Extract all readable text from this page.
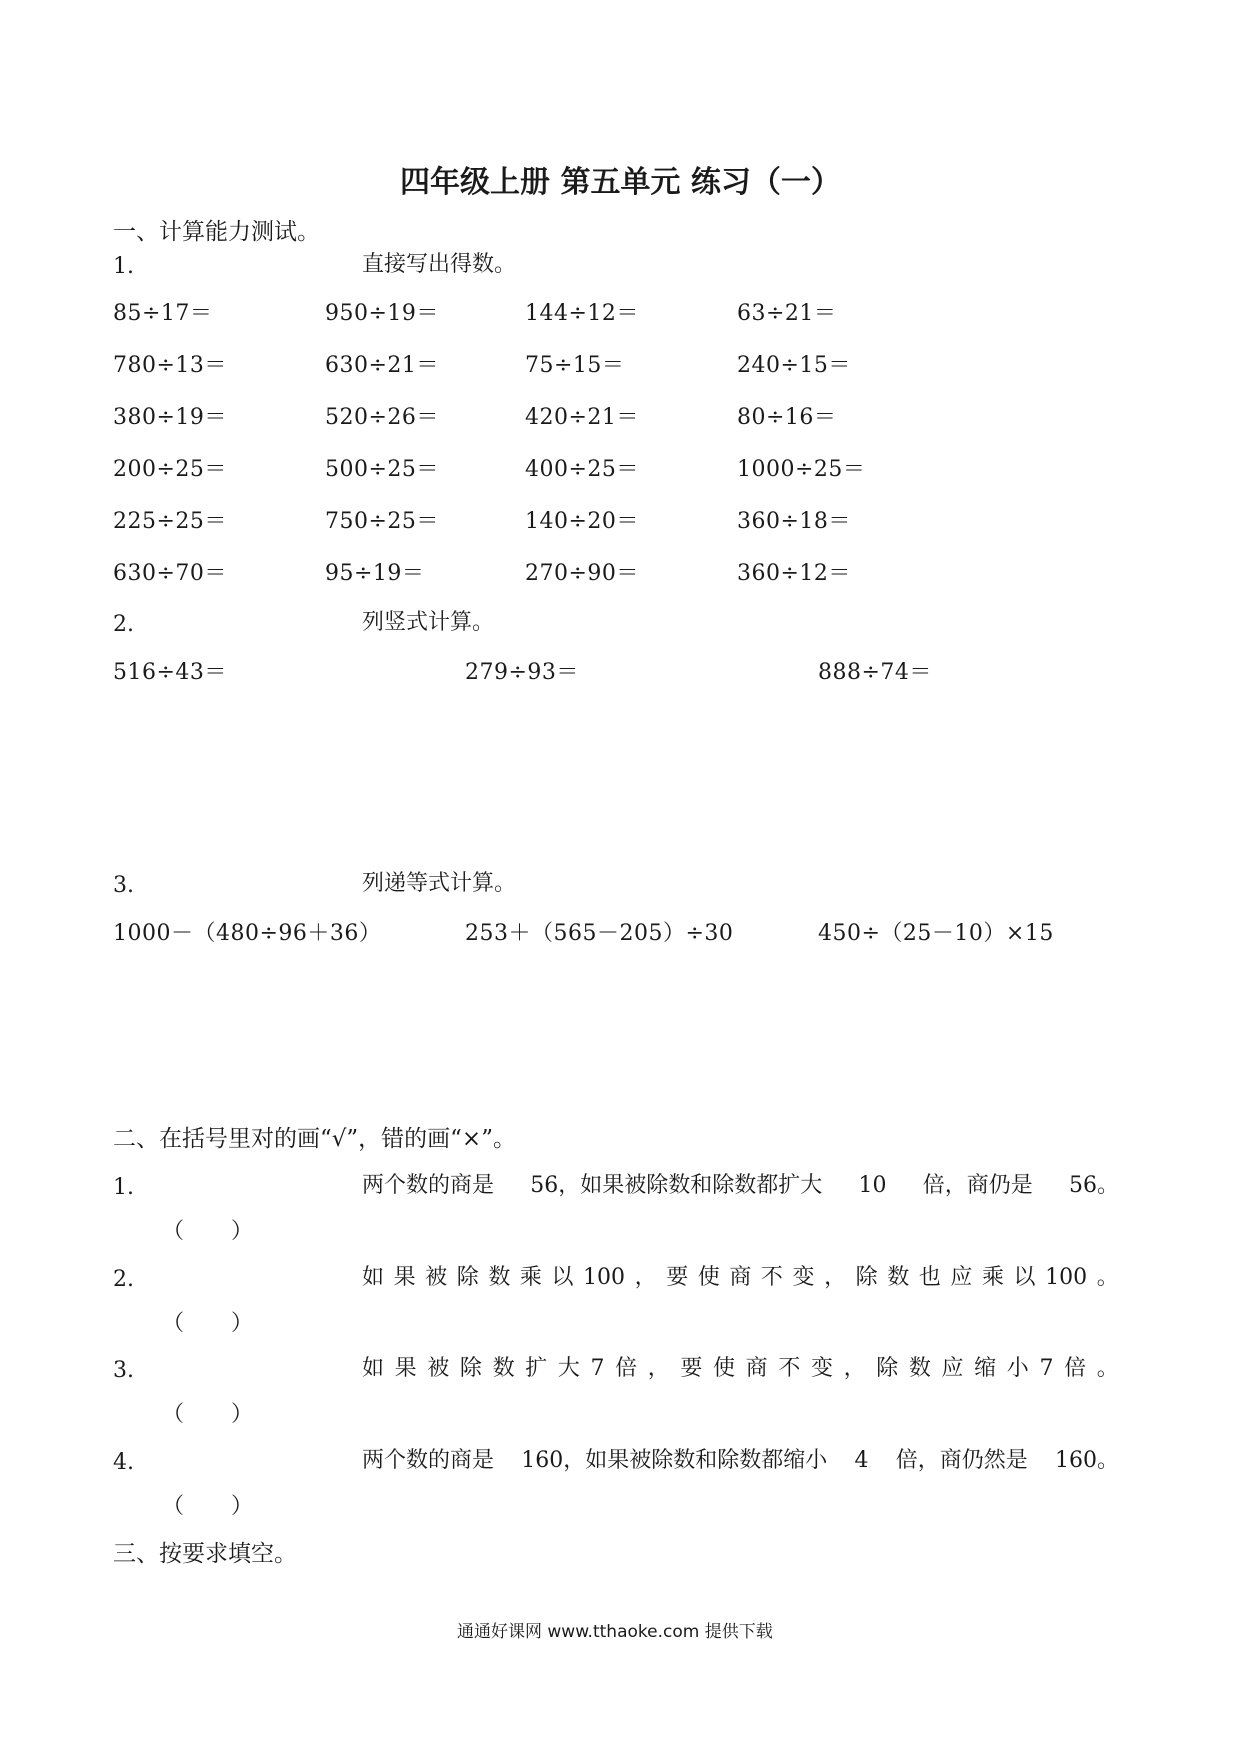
四年级上册 第五单元 练习（一）
一、计算能力测试。
1.	直接写出得数。
85÷17＝	950÷19＝	144÷12＝	63÷21＝
780÷13＝	630÷21＝	75÷15＝	240÷15＝
380÷19＝	520÷26＝	420÷21＝	80÷16＝
200÷25＝	500÷25＝	400÷25＝	1000÷25＝
225÷25＝	750÷25＝	140÷20＝	360÷18＝
630÷70＝	95÷19＝	270÷90＝	360÷12＝
2.	列竖式计算。
516÷43＝	279÷93＝	888÷74＝
3.	列递等式计算。
1000－（480÷96＋36）	253＋（565－205）÷30	450÷（25－10）×15
二、在括号里对的画“√”，错的画“×”。
1.	两个数的商是 56，如果被除数和除数都扩大 10 倍，商仍是 56。
（ ）
2.	如 果 被 除 数 乘 以 100 ， 要 使 商 不 变 ， 除 数 也 应 乘 以 100 。
（ ）
3.	如 果 被 除 数 扩 大 7 倍 ， 要 使 商 不 变 ， 除 数 应 缩 小 7 倍 。
（ ）
4.	两个数的商是 160，如果被除数和除数都缩小 4 倍，商仍然是 160。
（ ）
三、按要求填空。
通通好课网 www.tthaoke.com 提供下载
